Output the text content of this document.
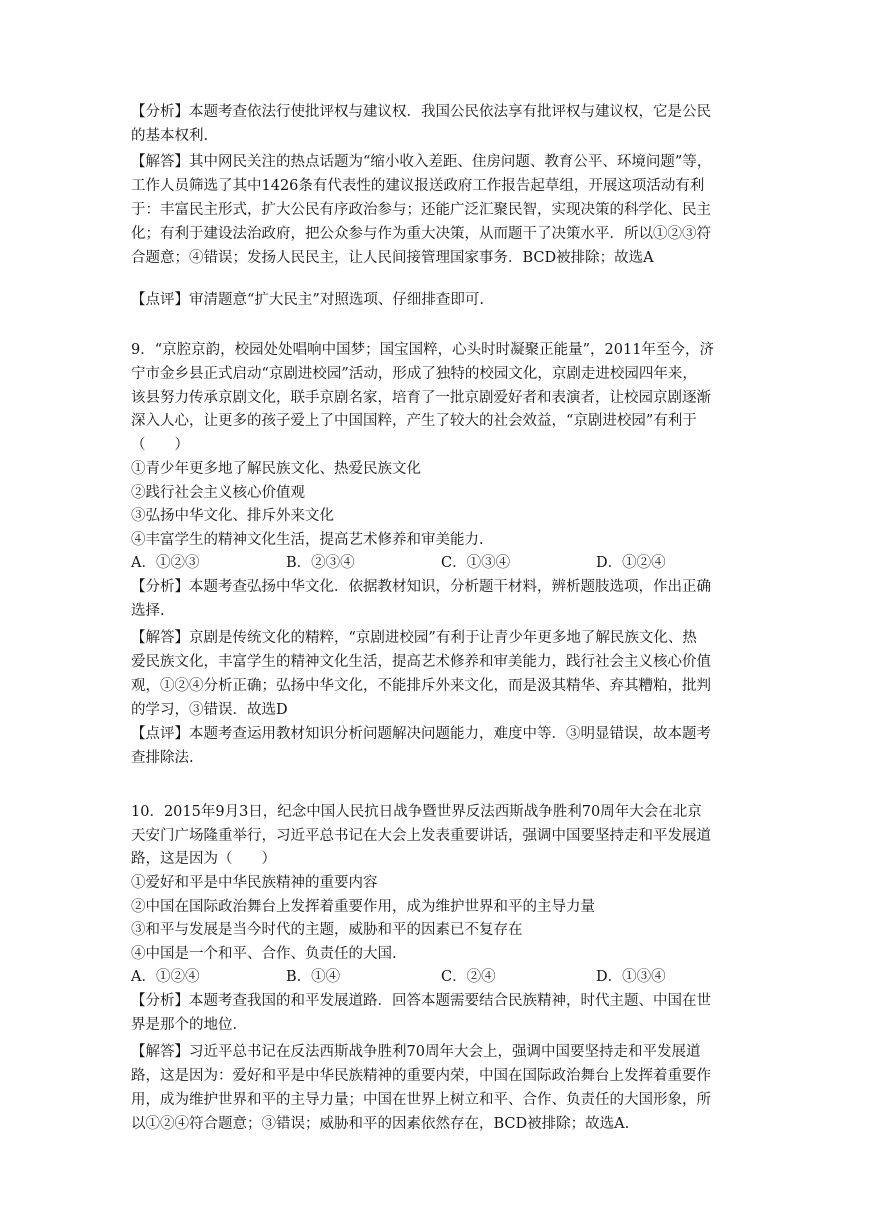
【分析】本题考查依法行使批评权与建议权．我国公民依法享有批评权与建议权，它是公民
的基本权利.
【解答】其中网民关注的热点话题为“缩小收入差距、住房问题、教育公平、环境问题”等，
工作人员筛选了其中1426条有代表性的建议报送政府工作报告起草组，开展这项活动有利
于：丰富民主形式，扩大公民有序政治参与；还能广泛汇聚民智，实现决策的科学化、民主
化；有利于建设法治政府，把公众参与作为重大决策，从而题干了决策水平．所以①②③符
合题意；④错误；发扬人民民主，让人民间接管理国家事务．BCD被排除；故选A
【点评】审清题意“扩大民主”对照选项、仔细排查即可.
9．“京腔京韵，校园处处唱响中国梦；国宝国粹，心头时时凝聚正能量”，2011年至今，济
宁市金乡县正式启动“京剧进校园”活动，形成了独特的校园文化，京剧走进校园四年来，
该县努力传承京剧文化，联手京剧名家，培育了一批京剧爱好者和表演者，让校园京剧逐渐
深入人心，让更多的孩子爱上了中国国粹，产生了较大的社会效益，“京剧进校园”有利于
（　　）
①青少年更多地了解民族文化、热爱民族文化
②践行社会主义核心价值观
③弘扬中华文化、排斥外来文化
④丰富学生的精神文化生活，提高艺术修养和审美能力.
A．①②③	B．②③④	C．①③④	D．①②④
【分析】本题考查弘扬中华文化．依据教材知识，分析题干材料，辨析题肢选项，作出正确
选择.
【解答】京剧是传统文化的精粹，“京剧进校园”有利于让青少年更多地了解民族文化、热
爱民族文化，丰富学生的精神文化生活，提高艺术修养和审美能力，践行社会主义核心价值
观，①②④分析正确；弘扬中华文化，不能排斥外来文化，而是汲其精华、弃其糟粕，批判
的学习，③错误．故选D
【点评】本题考查运用教材知识分析问题解决问题能力，难度中等．③明显错误，故本题考
查排除法.
10．2015年9月3日，纪念中国人民抗日战争暨世界反法西斯战争胜利70周年大会在北京
天安门广场隆重举行，习近平总书记在大会上发表重要讲话，强调中国要坚持走和平发展道
路，这是因为（　　）
①爱好和平是中华民族精神的重要内容
②中国在国际政治舞台上发挥着重要作用，成为维护世界和平的主导力量
③和平与发展是当今时代的主题，威胁和平的因素已不复存在
④中国是一个和平、合作、负责任的大国.
A．①②④	B．①④	C．②④	D．①③④
【分析】本题考查我国的和平发展道路．回答本题需要结合民族精神，时代主题、中国在世
界是那个的地位.
【解答】习近平总书记在反法西斯战争胜利70周年大会上，强调中国要坚持走和平发展道
路，这是因为：爱好和平是中华民族精神的重要内荣，中国在国际政治舞台上发挥着重要作
用，成为维护世界和平的主导力量；中国在世界上树立和平、合作、负责任的大国形象，所
以①②④符合题意；③错误；威胁和平的因素依然存在，BCD被排除；故选A.
